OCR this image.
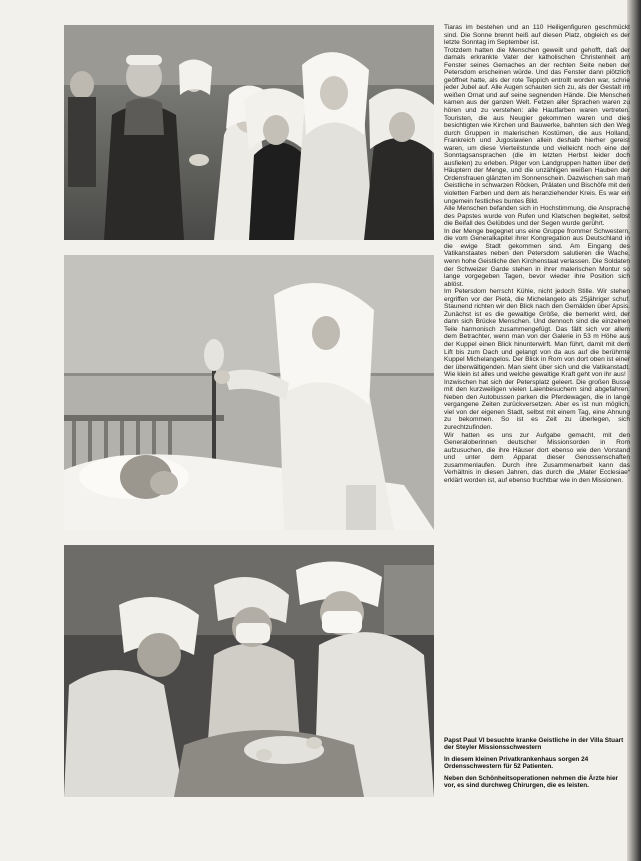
Tiaras im bestehen und an 110 Heiligenfiguren geschmückt sind. Die Sonne brennt heiß auf diesen Platz, obgleich es der letzte Sonntag im September ist.

Trotzdem hatten die Menschen geweilt und gehofft, daß der damals erkrankte Vater der katholischen Christenheit am Fenster seines Gemaches an der rechten Seite neben der Petersdom erscheinen würde. Und das Fenster dann plötzlich geöffnet hatte, als der rote Teppich entrollt worden war, schrie jeder Jubel auf. Alle Augen schauten sich zu, als der Gestalt im weißen Ornat und auf seine segnenden Hände. Die Menschen kamen aus der ganzen Welt. Fetzen aller Sprachen waren zu hören und zu verstehen: alle Hautfarben waren vertreten. Touristen, die aus Neugier gekommen waren und dies besichtigten wie Kirchen und Bauwerke, bahnten sich den Weg durch Gruppen in malerischen Kostümen, die aus Holland, Frankreich und Jugoslawien allein deshalb hierher gereist waren, um diese Vierteilstunde und vielleicht noch eine der Sonntagsansprachen (die im letzten Herbst leider doch ausfielen) zu erleben. Pilger von Landgruppen hatten über den Häuptern der Menge, und die unzähligen weißen Hauben der Ordensfrauen glänzten im Sonnenschein. Dazwischen sah man Geistliche in schwarzen Röcken, Prälaten und Bischöfe mit den violetten Farben und dem als heranziehender Kreis. Es war ein ungemein festliches buntes Bild.

Alle Menschen befanden sich in Hochstimmung, die Ansprache des Papstes wurde von Rufen und Klatschen begleitet, selbst die Beifall des Gelübdes und der Segen wurde gerührt.

In der Menge begegnet uns eine Gruppe frommer Schwestern, die vom Generalkapitel ihrer Kongregation aus Deutschland in die ewige Stadt gekommen sind. Am Eingang des Vatikanstaates neben den Petersdom salutieren die Wache, wenn hohe Geistliche den Kirchenstaat verlassen. Die Soldaten der Schweizer Garde stehen in ihrer malerischen Montur so lange vorgegeben Tagen, bevor wieder ihre Position sich ablöst.

Im Petersdom herrscht Kühle, nicht jedoch Stille. Wir stehen ergriffen vor der Pietà, die Michelangelo als 25jähriger schuf. Staunend richten wir den Blick nach den Gemälden über Apsis. Zunächst ist es die gewaltige Größe, die bemerkt wird, der dann sich Brücke Menschen. Und dennoch sind die einzelnen Teile harmonisch zusammengefügt. Das fällt sich vor allem dem Betrachter, wenn man von der Galerie in 53 m Höhe aus der Kuppel einen Blick hinunterwirft. Man führt, damit mit dem Lift bis zum Dach und gelangt von da aus auf die berühmte Kuppel Michelangelos. Der Blick in Rom von dort oben ist einer der überwältigenden. Man sieht über sich und die Vatikanstadt. Wie klein ist alles und welche gewaltige Kraft geht von ihr aus!

Inzwischen hat sich der Petersplatz geleert. Die großen Busse mit den kurzweiligen vielen Laienbesuchern sind abgefahren. Neben den Autobussen parken die Pferdewagen, die in lange vergangene Zeiten zurückversetzen. Aber es ist nun möglich, viel von der eigenen Stadt, selbst mit einem Tag, eine Ahnung zu bekommen. So ist es Zeit zu überlegen, sich zurechtzufinden.

Wir hatten es uns zur Aufgabe gemacht, mit den Generaloberinnen deutscher Missionsorden in Rom aufzusuchen, die ihre Häuser dort ebenso wie den Vorstand und unter dem Apparat dieser Genossenschaften zusammenlaufen. Durch ihre Zusammenarbeit kann das Verhältnis in diesen Jahren, das durch die „Mater Ecclesiae“ erklärt worden ist, auf ebenso fruchtbar wie in den Missionen.

Papst Paul VI besuchte kranke Geistliche in der Villa Stuart der Steyler Missionsschwestern

In diesem kleinen Privatkrankenhaus sorgen 24 Ordensschwestern für 52 Patienten.

Neben den Schönheitsoperationen nehmen die Ärzte hier vor, es sind durchweg Chirurgen, die es leisten.
